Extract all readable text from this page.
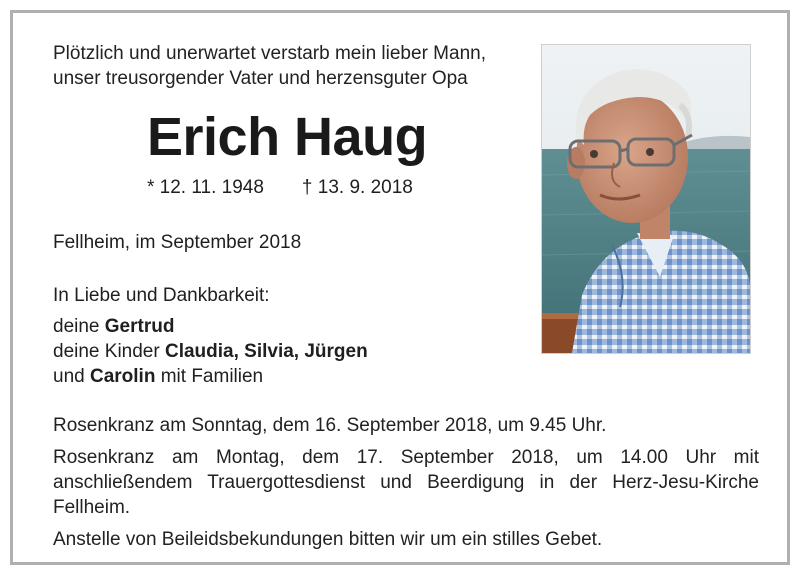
Plötzlich und unerwartet verstarb mein lieber Mann,
unser treusorgender Vater und herzensguter Opa
Erich Haug
* 12. 11. 1948 † 13. 9. 2018
Fellheim, im September 2018
In Liebe und Dankbarkeit:
deine Gertrud
deine Kinder Claudia, Silvia, Jürgen
und Carolin mit Familien

Rosenkranz am Sonntag, dem 16. September 2018, um 9.45 Uhr.

Rosenkranz am Montag, dem 17. September 2018, um 14.00 Uhr mit anschließendem Trauergottesdienst und Beerdigung in der Herz-Jesu-Kirche Fellheim.

Anstelle von Beileidsbekundungen bitten wir um ein stilles Gebet.
